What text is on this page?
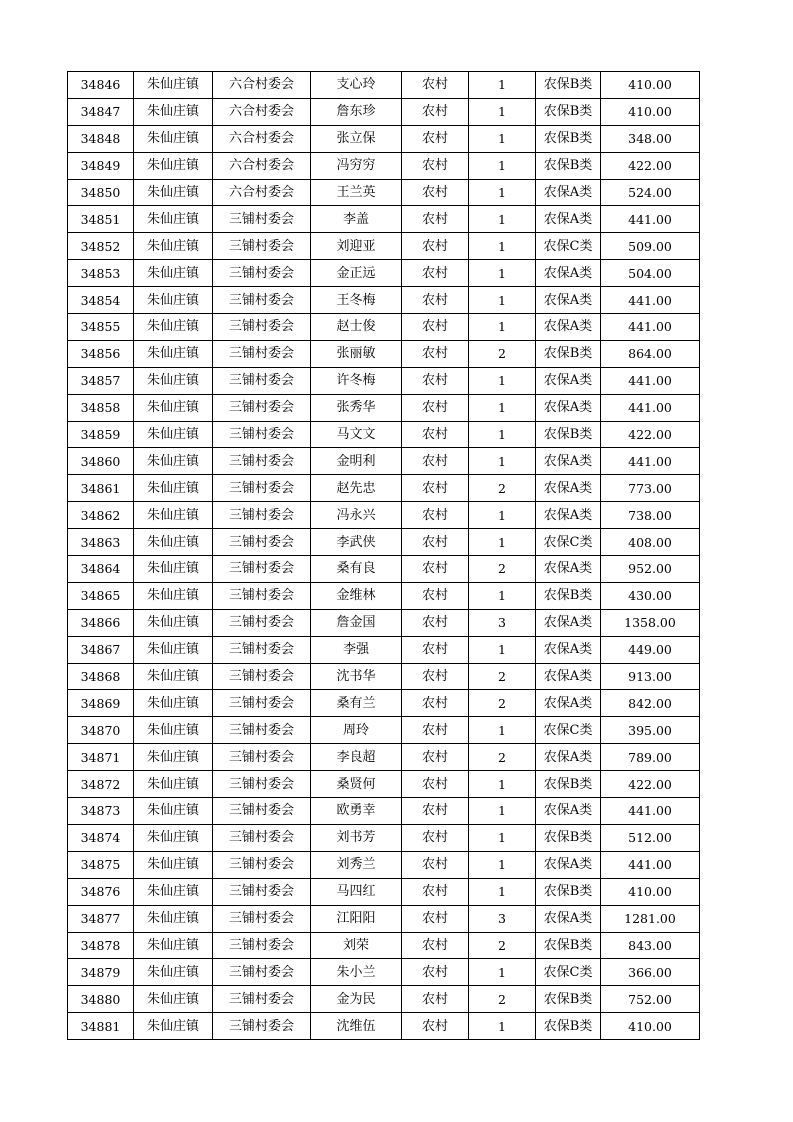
34846	朱仙庄镇	六合村委会	支心玲	农村	1	农保B类	410.00
34847	朱仙庄镇	六合村委会	詹东珍	农村	1	农保B类	410.00
34848	朱仙庄镇	六合村委会	张立保	农村	1	农保B类	348.00
34849	朱仙庄镇	六合村委会	冯穷穷	农村	1	农保B类	422.00
34850	朱仙庄镇	六合村委会	王兰英	农村	1	农保A类	524.00
34851	朱仙庄镇	三铺村委会	李盖	农村	1	农保A类	441.00
34852	朱仙庄镇	三铺村委会	刘迎亚	农村	1	农保C类	509.00
34853	朱仙庄镇	三铺村委会	金正远	农村	1	农保A类	504.00
34854	朱仙庄镇	三铺村委会	王冬梅	农村	1	农保A类	441.00
34855	朱仙庄镇	三铺村委会	赵士俊	农村	1	农保A类	441.00
34856	朱仙庄镇	三铺村委会	张丽敏	农村	2	农保B类	864.00
34857	朱仙庄镇	三铺村委会	许冬梅	农村	1	农保A类	441.00
34858	朱仙庄镇	三铺村委会	张秀华	农村	1	农保A类	441.00
34859	朱仙庄镇	三铺村委会	马文文	农村	1	农保B类	422.00
34860	朱仙庄镇	三铺村委会	金明利	农村	1	农保A类	441.00
34861	朱仙庄镇	三铺村委会	赵先忠	农村	2	农保A类	773.00
34862	朱仙庄镇	三铺村委会	冯永兴	农村	1	农保A类	738.00
34863	朱仙庄镇	三铺村委会	李武侠	农村	1	农保C类	408.00
34864	朱仙庄镇	三铺村委会	桑有良	农村	2	农保A类	952.00
34865	朱仙庄镇	三铺村委会	金维林	农村	1	农保B类	430.00
34866	朱仙庄镇	三铺村委会	詹金国	农村	3	农保A类	1358.00
34867	朱仙庄镇	三铺村委会	李强	农村	1	农保A类	449.00
34868	朱仙庄镇	三铺村委会	沈书华	农村	2	农保A类	913.00
34869	朱仙庄镇	三铺村委会	桑有兰	农村	2	农保A类	842.00
34870	朱仙庄镇	三铺村委会	周玲	农村	1	农保C类	395.00
34871	朱仙庄镇	三铺村委会	李良超	农村	2	农保A类	789.00
34872	朱仙庄镇	三铺村委会	桑贤何	农村	1	农保B类	422.00
34873	朱仙庄镇	三铺村委会	欧勇幸	农村	1	农保A类	441.00
34874	朱仙庄镇	三铺村委会	刘书芳	农村	1	农保B类	512.00
34875	朱仙庄镇	三铺村委会	刘秀兰	农村	1	农保A类	441.00
34876	朱仙庄镇	三铺村委会	马四红	农村	1	农保B类	410.00
34877	朱仙庄镇	三铺村委会	江阳阳	农村	3	农保A类	1281.00
34878	朱仙庄镇	三铺村委会	刘荣	农村	2	农保B类	843.00
34879	朱仙庄镇	三铺村委会	朱小兰	农村	1	农保C类	366.00
34880	朱仙庄镇	三铺村委会	金为民	农村	2	农保B类	752.00
34881	朱仙庄镇	三铺村委会	沈维伍	农村	1	农保B类	410.00
